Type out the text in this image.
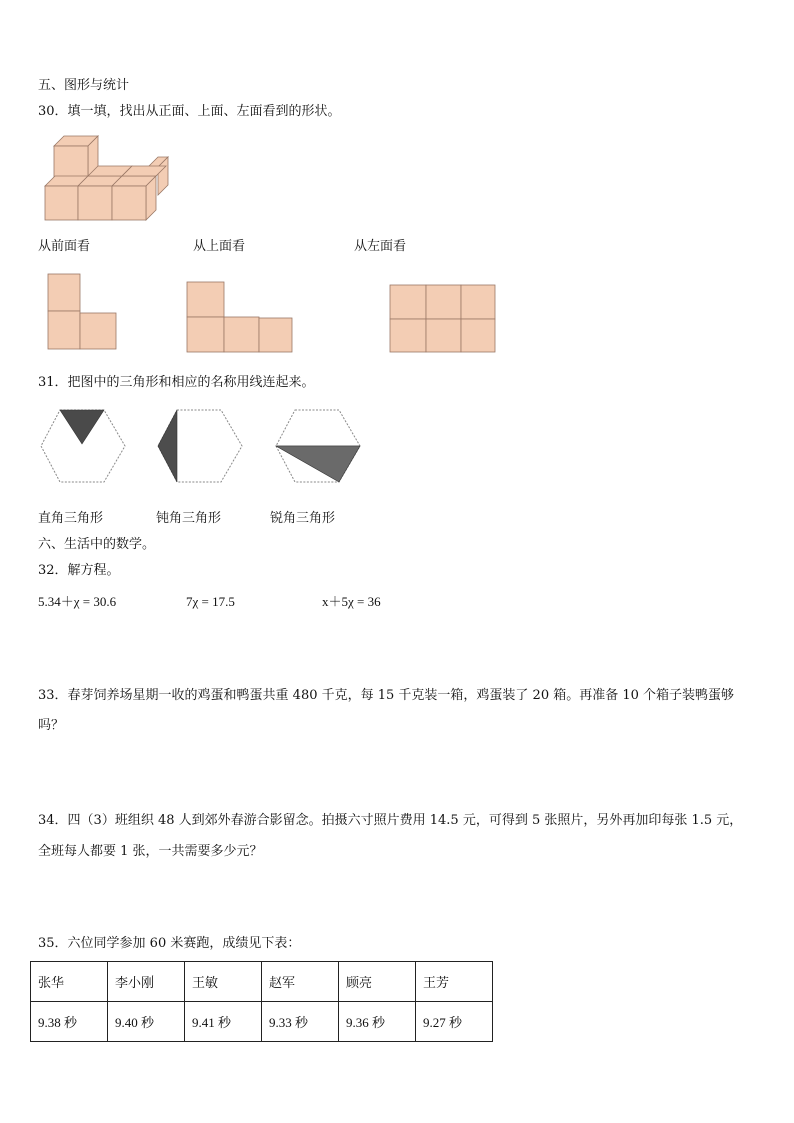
五、图形与统计
30．填一填，找出从正面、上面、左面看到的形状。
从前面看	从上面看	从左面看
31．把图中的三角形和相应的名称用线连起来。
直角三角形	钝角三角形	锐角三角形
六、生活中的数学。
32．解方程。
5.34＋χ = 30.6	7χ = 17.5	x＋5χ = 36
33．春芽饲养场星期一收的鸡蛋和鸭蛋共重 480 千克，每 15 千克装一箱，鸡蛋装了 20 箱。再准备 10 个箱子装鸭蛋够
吗？
34．四（3）班组织 48 人到郊外春游合影留念。拍摄六寸照片费用 14.5 元，可得到 5 张照片，另外再加印每张 1.5 元，
全班每人都要 1 张，一共需要多少元？
35．六位同学参加 60 米赛跑，成绩见下表：
张华	李小刚	王敏	赵军	顾亮	王芳
9.38 秒	9.40 秒	9.41 秒	9.33 秒	9.36 秒	9.27 秒
